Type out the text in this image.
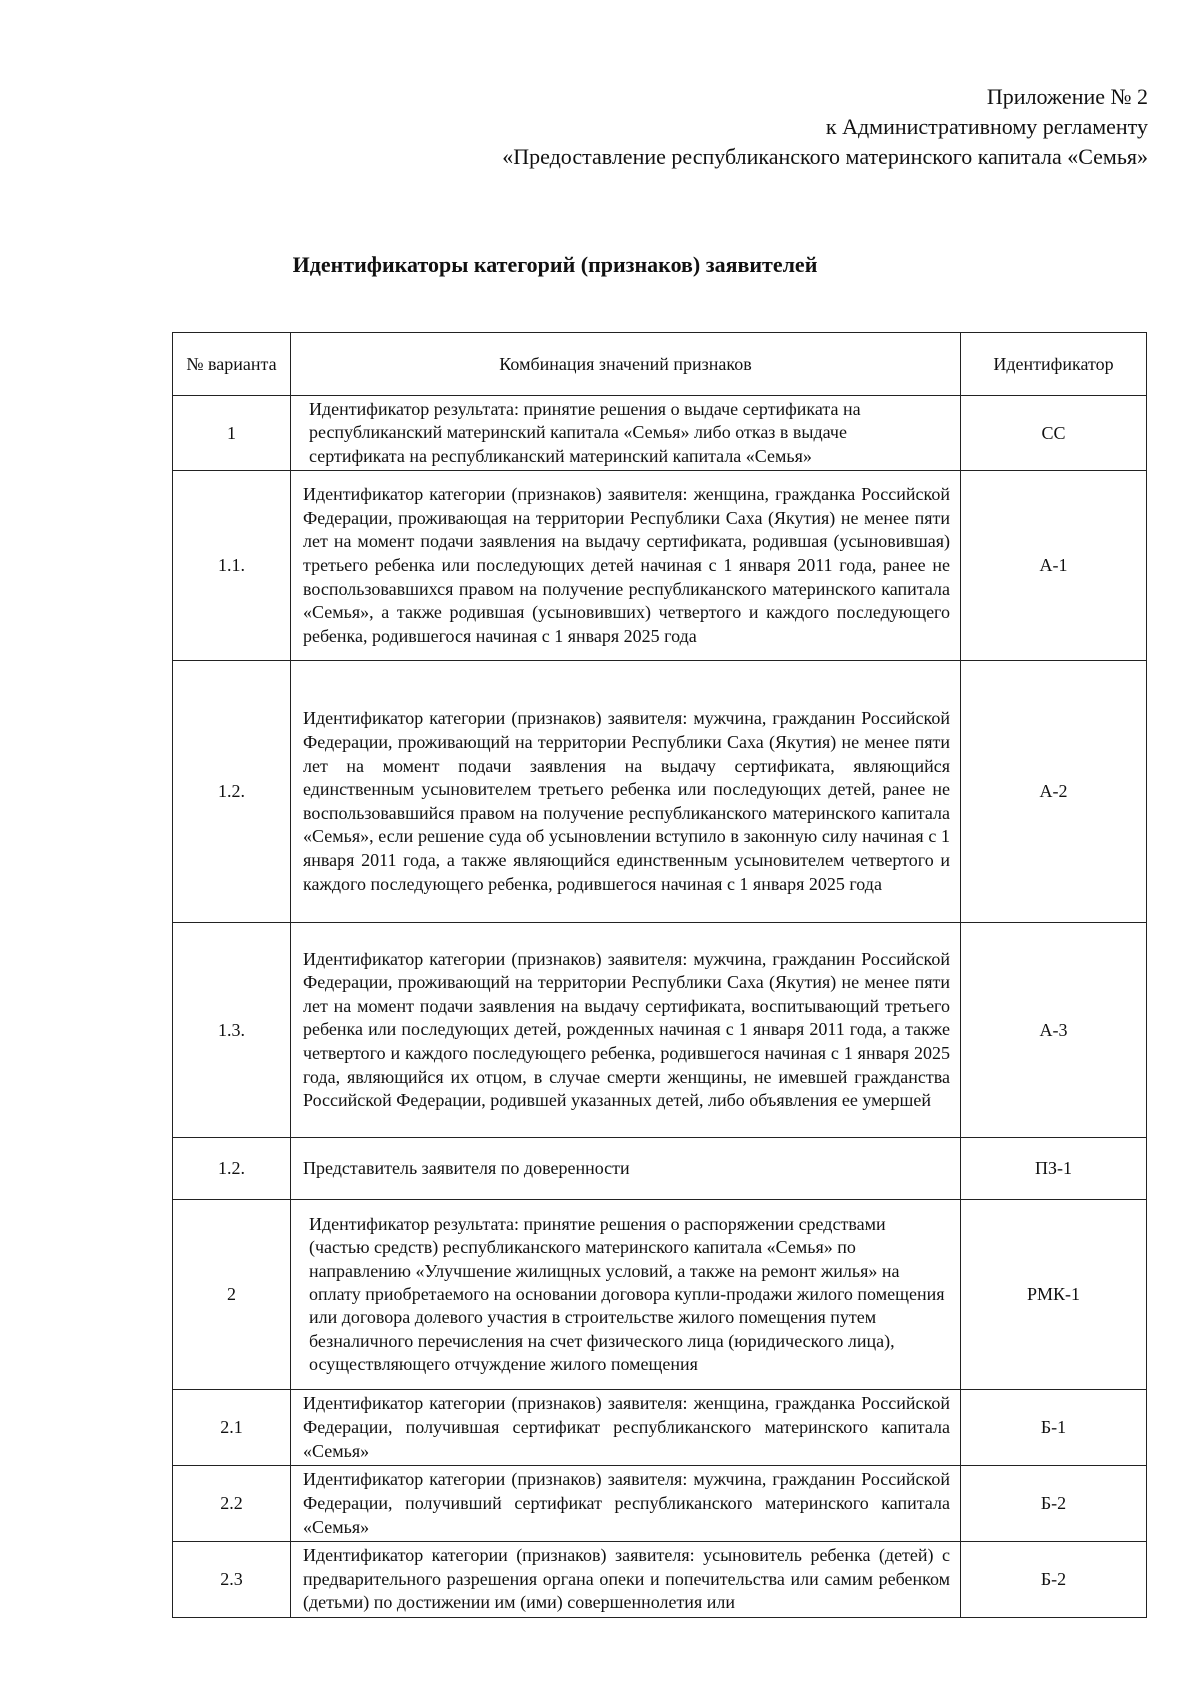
Приложение № 2
к Административному регламенту
«Предоставление республиканского материнского капитала «Семья»
Идентификаторы категорий (признаков) заявителей
№ варианта	Комбинация значений признаков	Идентификатор
1	Идентификатор результата: принятие решения о выдаче сертификата на республиканский материнский капитала «Семья» либо отказ в выдаче сертификата на республиканский материнский капитала «Семья»	СС
1.1.	Идентификатор категории (признаков) заявителя: женщина, гражданка Российской Федерации, проживающая на территории Республики Саха (Якутия) не менее пяти лет на момент подачи заявления на выдачу сертификата, родившая (усыновившая) третьего ребенка или последующих детей начиная с 1 января 2011 года, ранее не воспользовавшихся правом на получение республиканского материнского капитала «Семья», а также родившая (усыновивших) четвертого и каждого последующего ребенка, родившегося начиная с 1 января 2025 года	А-1
1.2.	Идентификатор категории (признаков) заявителя: мужчина, гражданин Российской Федерации, проживающий на территории Республики Саха (Якутия) не менее пяти лет на момент подачи заявления на выдачу сертификата, являющийся единственным усыновителем третьего ребенка или последующих детей, ранее не воспользовавшийся правом на получение республиканского материнского капитала «Семья», если решение суда об усыновлении вступило в законную силу начиная с 1 января 2011 года, а также являющийся единственным усыновителем четвертого и каждого последующего ребенка, родившегося начиная с 1 января 2025 года	А-2
1.3.	Идентификатор категории (признаков) заявителя: мужчина, гражданин Российской Федерации, проживающий на территории Республики Саха (Якутия) не менее пяти лет на момент подачи заявления на выдачу сертификата, воспитывающий третьего ребенка или последующих детей, рожденных начиная с 1 января 2011 года, а также четвертого и каждого последующего ребенка, родившегося начиная с 1 января 2025 года, являющийся их отцом, в случае смерти женщины, не имевшей гражданства Российской Федерации, родившей указанных детей, либо объявления ее умершей	А-3
1.2.	Представитель заявителя по доверенности	ПЗ-1
2	Идентификатор результата: принятие решения о распоряжении средствами (частью средств) республиканского материнского капитала «Семья» по направлению «Улучшение жилищных условий, а также на ремонт жилья» на оплату приобретаемого на основании договора купли-продажи жилого помещения или договора долевого участия в строительстве жилого помещения путем безналичного перечисления на счет физического лица (юридического лица), осуществляющего отчуждение жилого помещения	РМК-1
2.1	Идентификатор категории (признаков) заявителя: женщина, гражданка Российской Федерации, получившая сертификат республиканского материнского капитала «Семья»	Б-1
2.2	Идентификатор категории (признаков) заявителя: мужчина, гражданин Российской Федерации, получивший сертификат республиканского материнского капитала «Семья»	Б-2
2.3	Идентификатор категории (признаков) заявителя: усыновитель ребенка (детей) с предварительного разрешения органа опеки и попечительства или самим ребенком (детьми) по достижении им (ими) совершеннолетия или	Б-2
